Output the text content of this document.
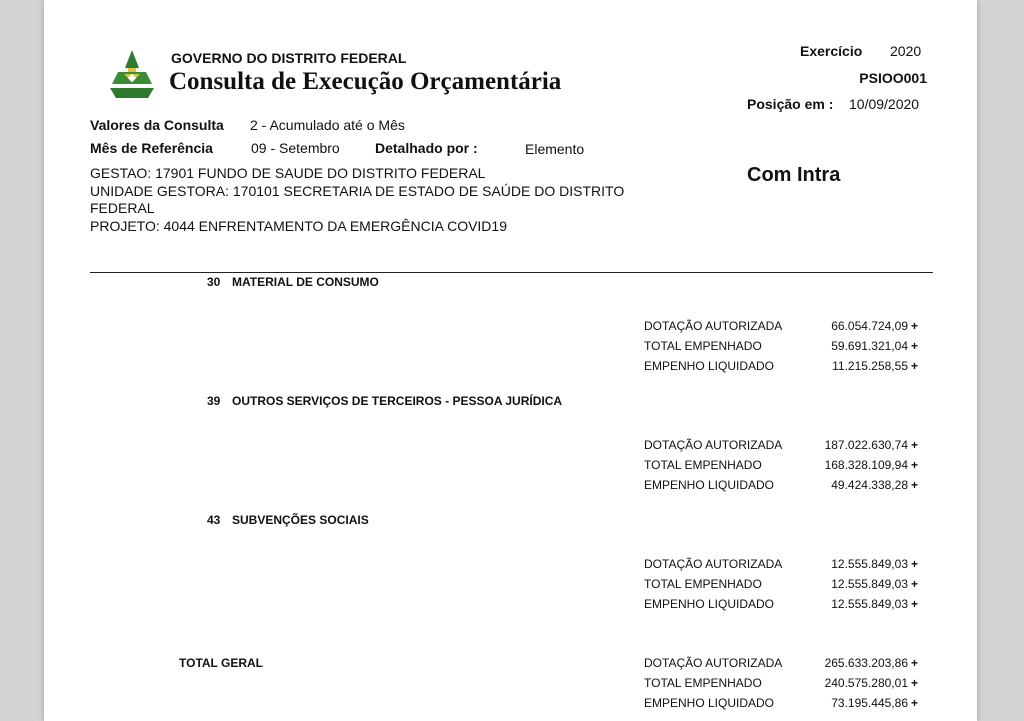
GOVERNO DO DISTRITO FEDERAL
Consulta de Execução Orçamentária
Exercício 2020
PSIOO001
Posição em : 10/09/2020
Valores da Consulta 2 - Acumulado até o Mês
Mês de Referência	09 - Setembro	Detalhado por :	Elemento
GESTAO: 17901 FUNDO DE SAUDE DO DISTRITO FEDERAL
UNIDADE GESTORA: 170101 SECRETARIA DE ESTADO DE SAÚDE DO DISTRITO
FEDERAL
PROJETO: 4044 ENFRENTAMENTO DA EMERGÊNCIA COVID19
Com Intra
30 MATERIAL DE CONSUMO
DOTAÇÃO AUTORIZADA	66.054.724,09 +
TOTAL EMPENHADO	59.691.321,04 +
EMPENHO LIQUIDADO	11.215.258,55 +
39 OUTROS SERVIÇOS DE TERCEIROS - PESSOA JURÍDICA
DOTAÇÃO AUTORIZADA	187.022.630,74 +
TOTAL EMPENHADO	168.328.109,94 +
EMPENHO LIQUIDADO	49.424.338,28 +
43 SUBVENÇÕES SOCIAIS
DOTAÇÃO AUTORIZADA	12.555.849,03 +
TOTAL EMPENHADO	12.555.849,03 +
EMPENHO LIQUIDADO	12.555.849,03 +
TOTAL GERAL	DOTAÇÃO AUTORIZADA	265.633.203,86 +
TOTAL EMPENHADO	240.575.280,01 +
EMPENHO LIQUIDADO	73.195.445,86 +
